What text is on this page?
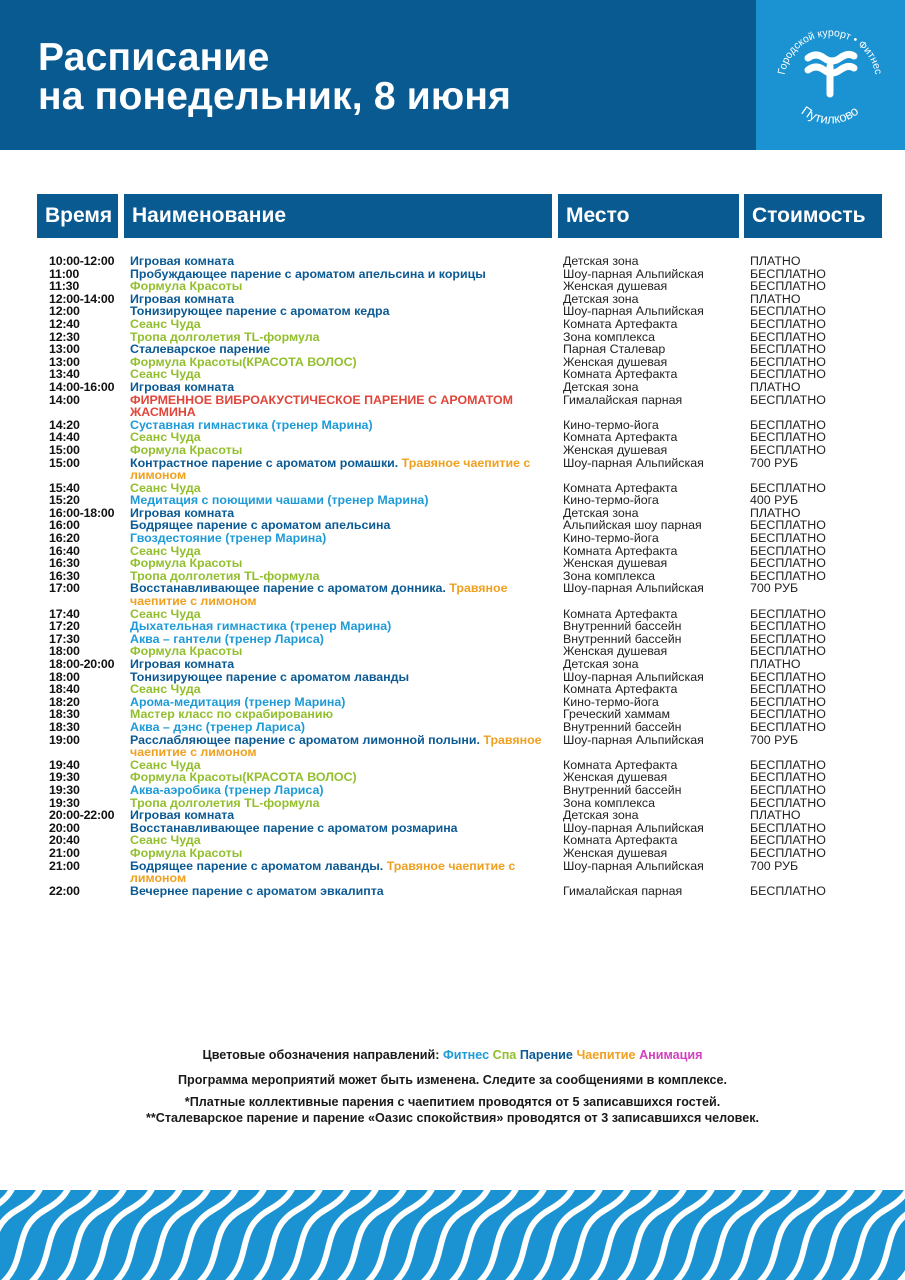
Расписание
на понедельник, 8 июня
Городской курорт • Фитнес
Путилково
Время Наименование	Место	Стоимость
10:00-12:00 Игровая комната	Детская зона	ПЛАТНО
11:00	Пробуждающее парение с ароматом апельсина и корицы	Шоу-парная Альпийская	БЕСПЛАТНО
11:30	Формула Красоты	Женская душевая	БЕСПЛАТНО
12:00-14:00 Игровая комната	Детская зона	ПЛАТНО
12:00	Тонизирующее парение с ароматом кедра	Шоу-парная Альпийская	БЕСПЛАТНО
12:40	Сеанс Чуда	Комната Артефакта	БЕСПЛАТНО
12:30	Тропа долголетия TL-формула	Зона комплекса	БЕСПЛАТНО
13:00	Сталеварское парение	Парная Сталевар	БЕСПЛАТНО
13:00	Формула Красоты(КРАСОТА ВОЛОС)	Женская душевая	БЕСПЛАТНО
13:40	Сеанс Чуда	Комната Артефакта	БЕСПЛАТНО
14:00-16:00 Игровая комната	Детская зона	ПЛАТНО
14:00	ФИРМЕННОЕ ВИБРОАКУСТИЧЕСКОЕ ПАРЕНИЕ С АРОМАТОМ ЖАСМИНА
Гималайская парная	БЕСПЛАТНО
14:20	Суставная гимнастика (тренер Марина)	Кино-термо-йога	БЕСПЛАТНО
14:40	Сеанс Чуда	Комната Артефакта	БЕСПЛАТНО
15:00	Формула Красоты	Женская душевая	БЕСПЛАТНО
15:00	Контрастное парение с ароматом ромашки. Травяное чаепитие с лимоном
Шоу-парная Альпийская	700 РУБ
15:40	Сеанс Чуда	Комната Артефакта	БЕСПЛАТНО
15:20	Медитация с поющими чашами (тренер Марина)	Кино-термо-йога	400 РУБ
16:00-18:00 Игровая комната	Детская зона	ПЛАТНО
16:00	Бодрящее парение с ароматом апельсина	Альпийская шоу парная	БЕСПЛАТНО
16:20	Гвоздестояние (тренер Марина)	Кино-термо-йога	БЕСПЛАТНО
16:40	Сеанс Чуда	Комната Артефакта	БЕСПЛАТНО
16:30	Формула Красоты	Женская душевая	БЕСПЛАТНО
16:30	Тропа долголетия TL-формула	Зона комплекса	БЕСПЛАТНО
17:00	Восстанавливающее парение с ароматом донника. Травяное чаепитие с лимоном
Шоу-парная Альпийская	700 РУБ
17:40	Сеанс Чуда	Комната Артефакта	БЕСПЛАТНО
17:20	Дыхательная гимнастика (тренер Марина)	Внутренний бассейн	БЕСПЛАТНО
17:30	Аква – гантели (тренер Лариса)	Внутренний бассейн	БЕСПЛАТНО
18:00	Формула Красоты	Женская душевая	БЕСПЛАТНО
18:00-20:00 Игровая комната	Детская зона	ПЛАТНО
18:00	Тонизирующее парение с ароматом лаванды	Шоу-парная Альпийская	БЕСПЛАТНО
18:40	Сеанс Чуда	Комната Артефакта	БЕСПЛАТНО
18:20	Арома-медитация (тренер Марина)	Кино-термо-йога	БЕСПЛАТНО
18:30	Мастер класс по скрабированию	Греческий хаммам	БЕСПЛАТНО
18:30	Аква – дэнс (тренер Лариса)	Внутренний бассейн	БЕСПЛАТНО
19:00	Расслабляющее парение с ароматом лимонной полыни. Травяное чаепитие с лимоном
Шоу-парная Альпийская	700 РУБ
19:40	Сеанс Чуда	Комната Артефакта	БЕСПЛАТНО
19:30	Формула Красоты(КРАСОТА ВОЛОС)	Женская душевая	БЕСПЛАТНО
19:30	Аква-аэробика (тренер Лариса)	Внутренний бассейн	БЕСПЛАТНО
19:30	Тропа долголетия TL-формула	Зона комплекса	БЕСПЛАТНО
20:00-22:00 Игровая комната	Детская зона	ПЛАТНО
20:00	Восстанавливающее парение с ароматом розмарина	Шоу-парная Альпийская	БЕСПЛАТНО
20:40	Сеанс Чуда	Комната Артефакта	БЕСПЛАТНО
21:00	Формула Красоты	Женская душевая	БЕСПЛАТНО
21:00	Бодрящее парение с ароматом лаванды. Травяное чаепитие с лимоном
Шоу-парная Альпийская	700 РУБ
22:00	Вечернее парение с ароматом эвкалипта	Гималайская парная	БЕСПЛАТНО
Цветовые обозначения направлений: Фитнес Спа Парение Чаепитие Анимация
Программа мероприятий может быть изменена. Следите за сообщениями в комплексе.
*Платные коллективные парения с чаепитием проводятся от 5 записавшихся гостей.
**Сталеварское парение и парение «Оазис спокойствия» проводятся от 3 записавшихся человек.
